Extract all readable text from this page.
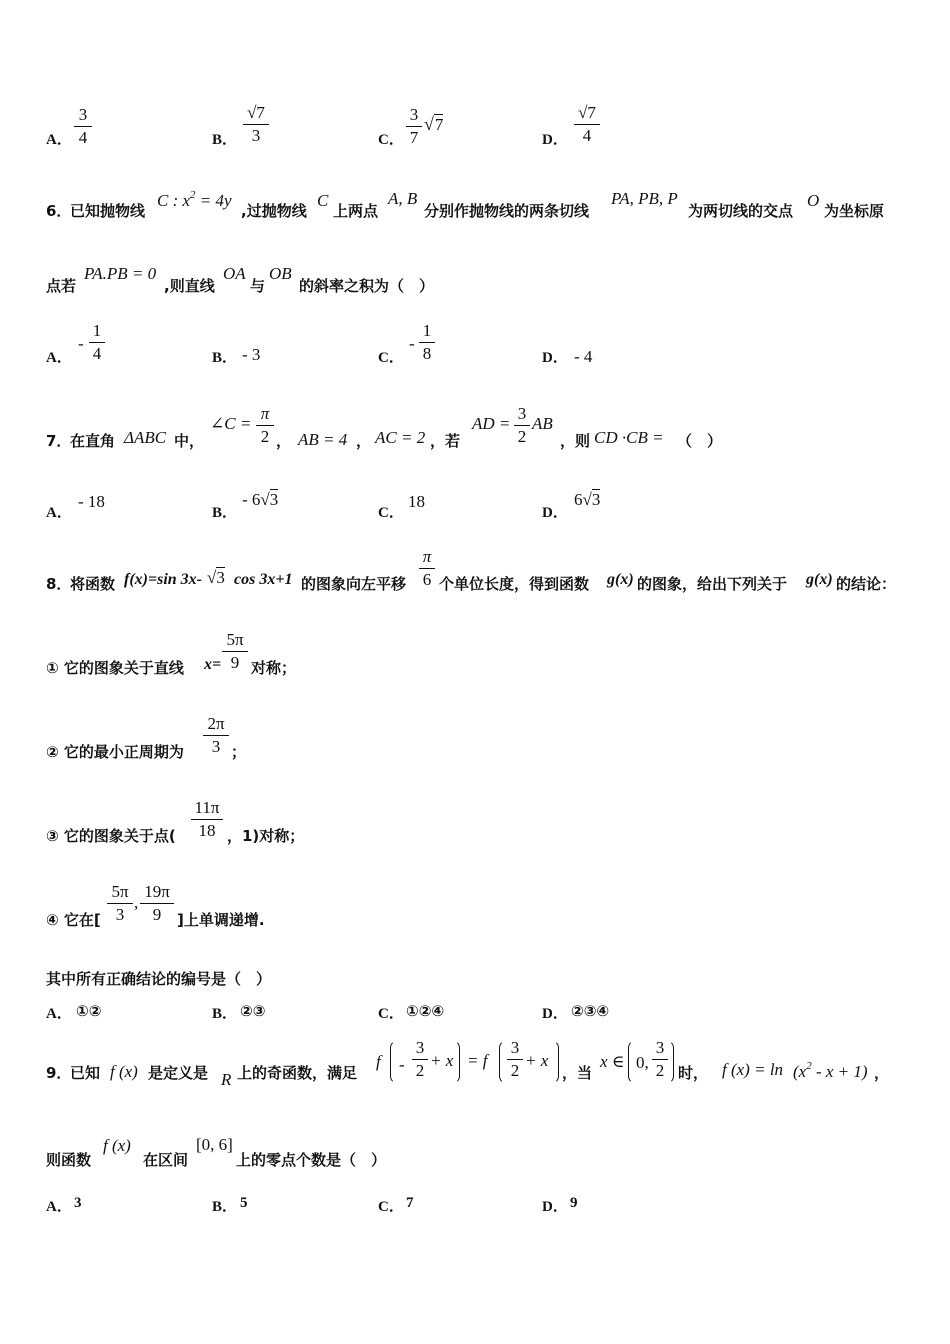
A．
3
4	B．
√7
3	C．
3
7
√7
D．
√7
4
6．
已知抛物线
C : $x^2 = 4y$
,过抛物线
C
上两点
A, B
分别作抛物线的两条切线
PA, PB, P
为两切线的交点
O
为坐标原
点若
PA.PB = 0
,则直线
OA
与
OB
的斜率之积为（　）
A．
-
1
4	B． - 3	C．
-
1
8	D． - 4
7．
在直角 ΔABC 中，
∠C =
π
2 ， AB = 4 ， AC = 2 ，若
AD =
3
2
AB
，则 CD ·CB = （　）
A．
- 18
B．
- 6√3
C．
18
D．
6√3
8．
将函数 f(x)=sin 3x- √3 cos 3x+1 的图象向左平移
π
6 个单位长度，得到函数 g(x) 的图象，给出下列关于 g(x) 的结论：
① 它的图象关于直线 x=
5π
9 对称；
② 它的最小正周期为
2π
3 ；
③ 它的图象关于点(
11π
18 ，1)对称；
④ 它在[
5π
3
,
19π
9	]上单调递增.
其中所有正确结论的编号是（　）
A． ①②	B． ②③	C． ①②④	D． ②③④
9．
已知 f (x) 是定义是 R 上的奇函数，满足
f -
3
2
+ x = f
3
2
+ x
，当
x ∈ 0,
3
2 时， f $(x) = \ln (x^2 - x + 1)$ ，
则函数
f (x)
在区间
[0, 6]
上的零点个数是（　）
A． 3	B． 5	C． 7	D． 9
